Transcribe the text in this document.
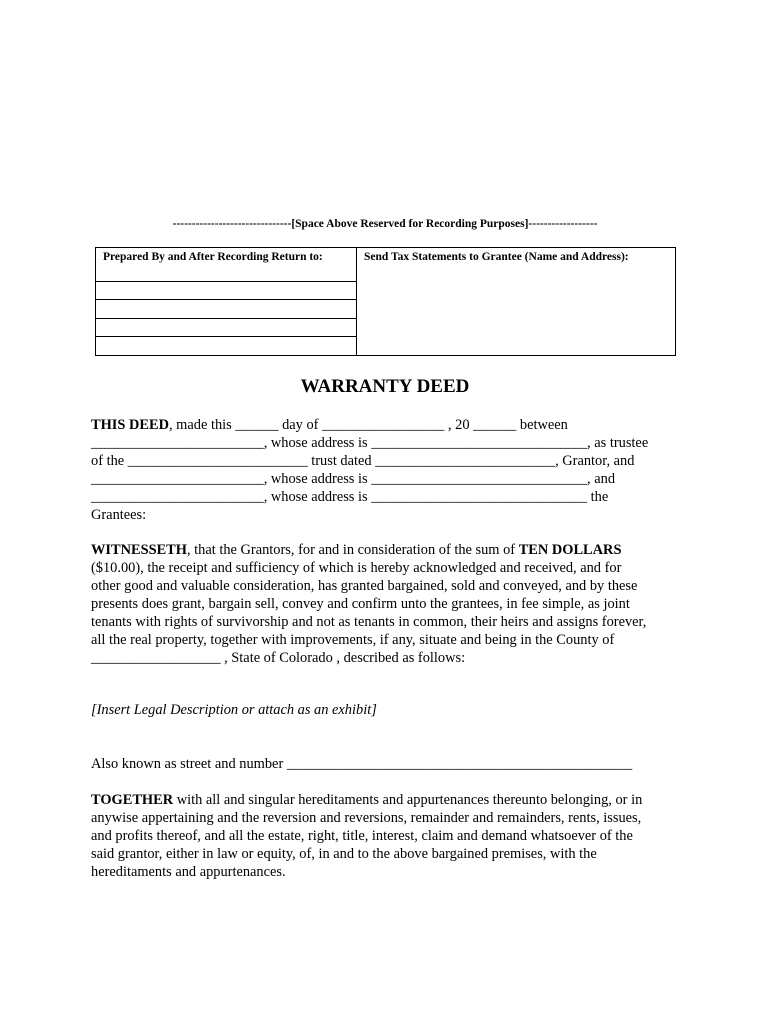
-------------------------------[Space Above Reserved for Recording Purposes]------------------
Prepared By and After Recording Return to:	Send Tax Statements to Grantee (Name and Address):
WARRANTY DEED
THIS DEED, made this ______ day of _________________ , 20 ______ between
________________________, whose address is ______________________________, as trustee
of the _________________________ trust dated _________________________, Grantor, and
________________________, whose address is ______________________________, and
________________________, whose address is ______________________________ the
Grantees:
WITNESSETH, that the Grantors, for and in consideration of the sum of TEN DOLLARS
($10.00), the receipt and sufficiency of which is hereby acknowledged and received, and for
other good and valuable consideration, has granted bargained, sold and conveyed, and by these
presents does grant, bargain sell, convey and confirm unto the grantees, in fee simple, as joint
tenants with rights of survivorship and not as tenants in common, their heirs and assigns forever,
all the real property, together with improvements, if any, situate and being in the County of
__________________ , State of Colorado , described as follows:
[Insert Legal Description or attach as an exhibit]
Also known as street and number ________________________________________________
TOGETHER with all and singular hereditaments and appurtenances thereunto belonging, or in
anywise appertaining and the reversion and reversions, remainder and remainders, rents, issues,
and profits thereof, and all the estate, right, title, interest, claim and demand whatsoever of the
said grantor, either in law or equity, of, in and to the above bargained premises, with the
hereditaments and appurtenances.
